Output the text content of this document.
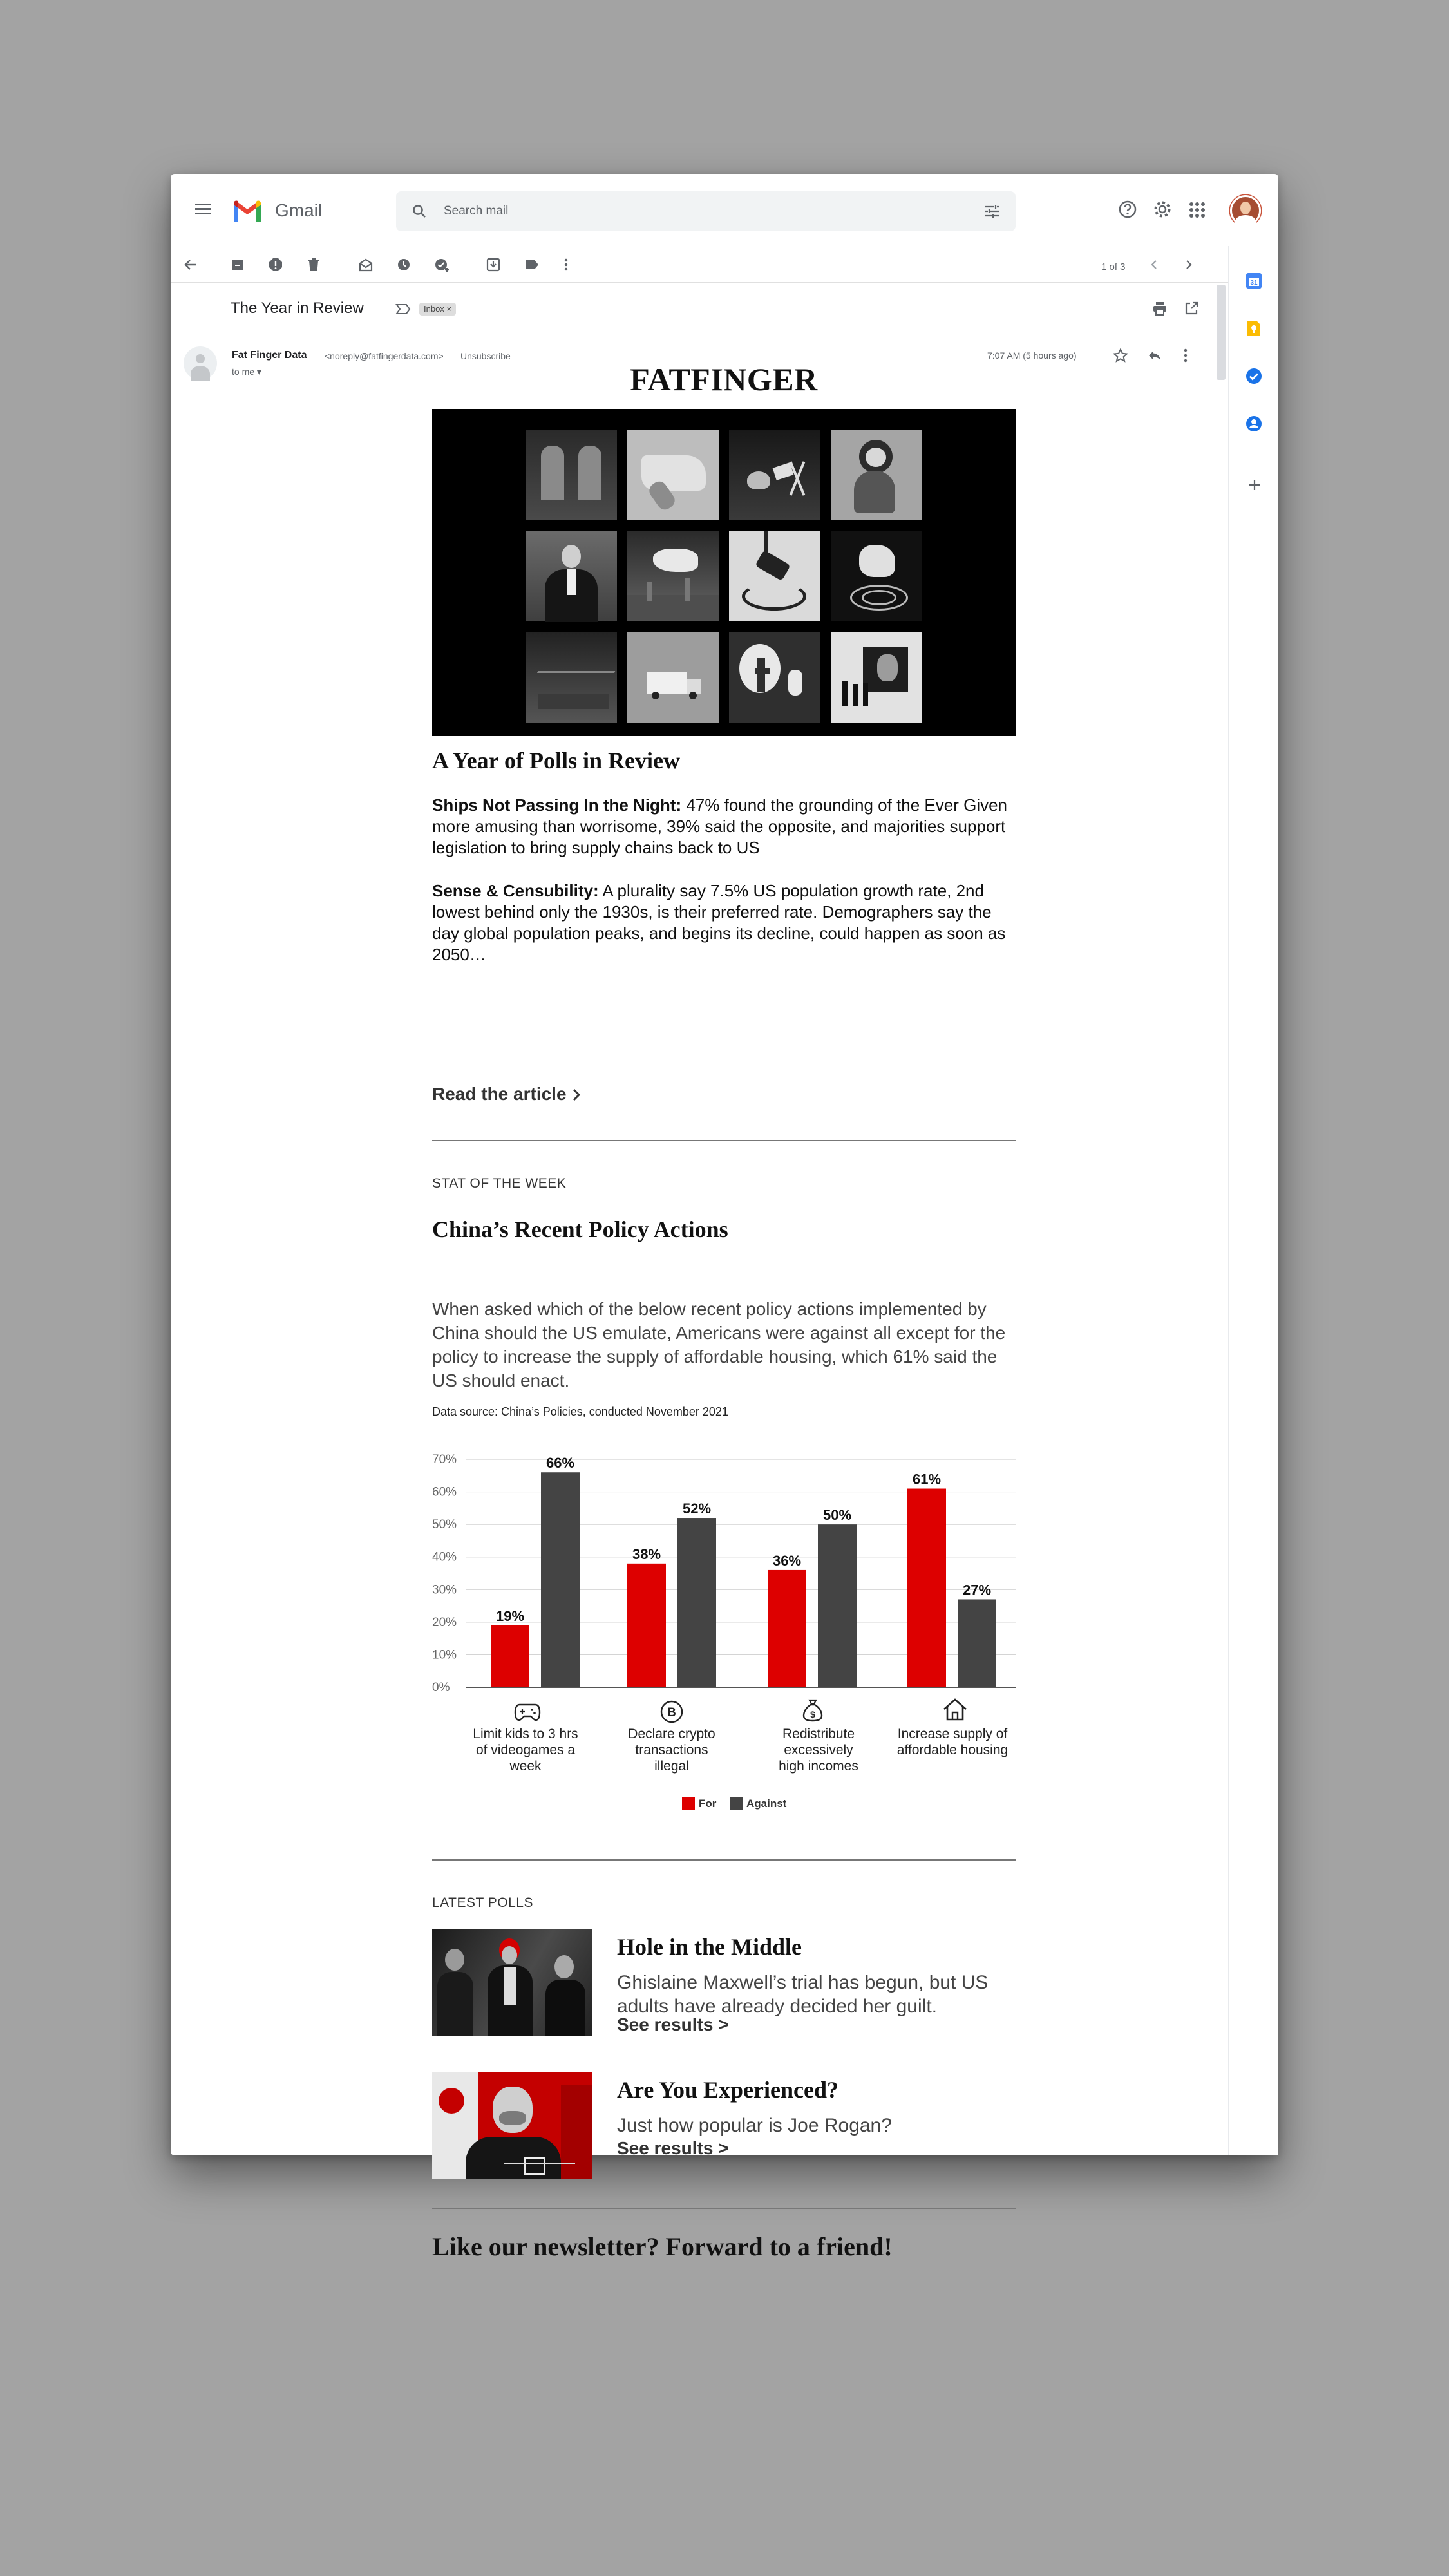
Gmail
Search mail
1 of 3
31
The Year in Review	Inbox ×
Fat Finger Data <noreply@fatfingerdata.com> Unsubscribe
to me ▾
7:07 AM (5 hours ago)
FATFINGER
A Year of Polls in Review
Ships Not Passing In the Night: 47% found the grounding of the Ever Given more amusing than worrisome, 39% said the opposite, and majorities support legislation to bring supply chains back to US
Sense & Censubility: A plurality say 7.5% US population growth rate, 2nd lowest behind only the 1930s, is their preferred rate. Demographers say the day global population peaks, and begins its decline, could happen as soon as 2050…
Read the article
STAT OF THE WEEK
China’s Recent Policy Actions
When asked which of the below recent policy actions implemented by China should the US emulate, Americans were against all except for the policy to increase the supply of affordable housing, which 61% said the US should enact.
Data source: China’s Policies, conducted November 2021
0%
10%
20%
30%
40%
50%
60%
70%
19%
38%	36%
61%
66%
52%	50%
27%
B	$
Limit kids to 3 hrs
of videogames a
week
Declare crypto
transactions
illegal
Redistribute
excessively
high incomes
Increase supply of
affordable housing
For	Against
LATEST POLLS
Hole in the Middle
Ghislaine Maxwell’s trial has begun, but US adults have already decided her guilt.
See results >
Are You Experienced?
Just how popular is Joe Rogan?
See results >
Like our newsletter? Forward to a friend!
